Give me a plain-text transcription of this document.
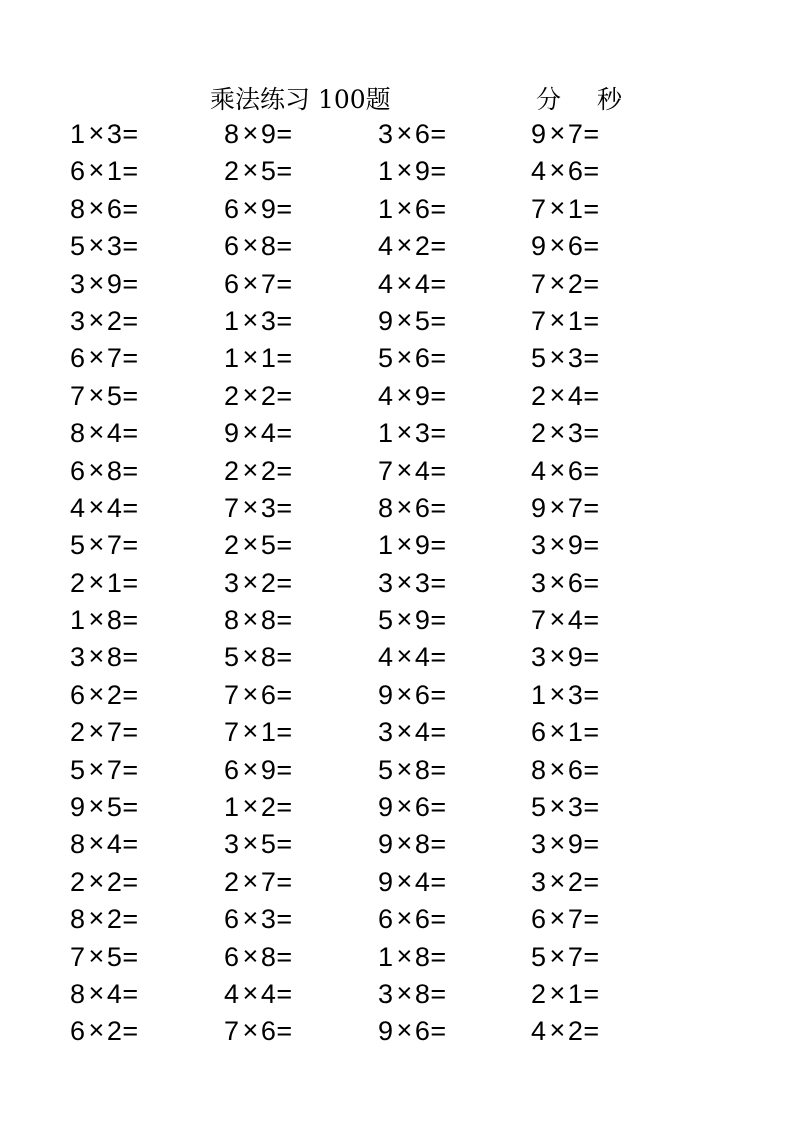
乘法练习 100题	分 秒
1 ×3=	8 ×9=	3 ×6=	9 ×7=
6 ×1=	2 ×5=	1 ×9=	4 ×6=
8 ×6=	6 ×9=	1 ×6=	7 ×1=
5 ×3=	6 ×8=	4 ×2=	9 ×6=
3 ×9=	6 ×7=	4 ×4=	7 ×2=
3 ×2=	1 ×3=	9 ×5=	7 ×1=
6 ×7=	1 ×1=	5 ×6=	5 ×3=
7 ×5=	2 ×2=	4 ×9=	2 ×4=
8 ×4=	9 ×4=	1 ×3=	2 ×3=
6 ×8=	2 ×2=	7 ×4=	4 ×6=
4 ×4=	7 ×3=	8 ×6=	9 ×7=
5 ×7=	2 ×5=	1 ×9=	3 ×9=
2 ×1=	3 ×2=	3 ×3=	3 ×6=
1 ×8=	8 ×8=	5 ×9=	7 ×4=
3 ×8=	5 ×8=	4 ×4=	3 ×9=
6 ×2=	7 ×6=	9 ×6=	1 ×3=
2 ×7=	7 ×1=	3 ×4=	6 ×1=
5 ×7=	6 ×9=	5 ×8=	8 ×6=
9 ×5=	1 ×2=	9 ×6=	5 ×3=
8 ×4=	3 ×5=	9 ×8=	3 ×9=
2 ×2=	2 ×7=	9 ×4=	3 ×2=
8 ×2=	6 ×3=	6 ×6=	6 ×7=
7 ×5=	6 ×8=	1 ×8=	5 ×7=
8 ×4=	4 ×4=	3 ×8=	2 ×1=
6 ×2=	7 ×6=	9 ×6=	4 ×2=
